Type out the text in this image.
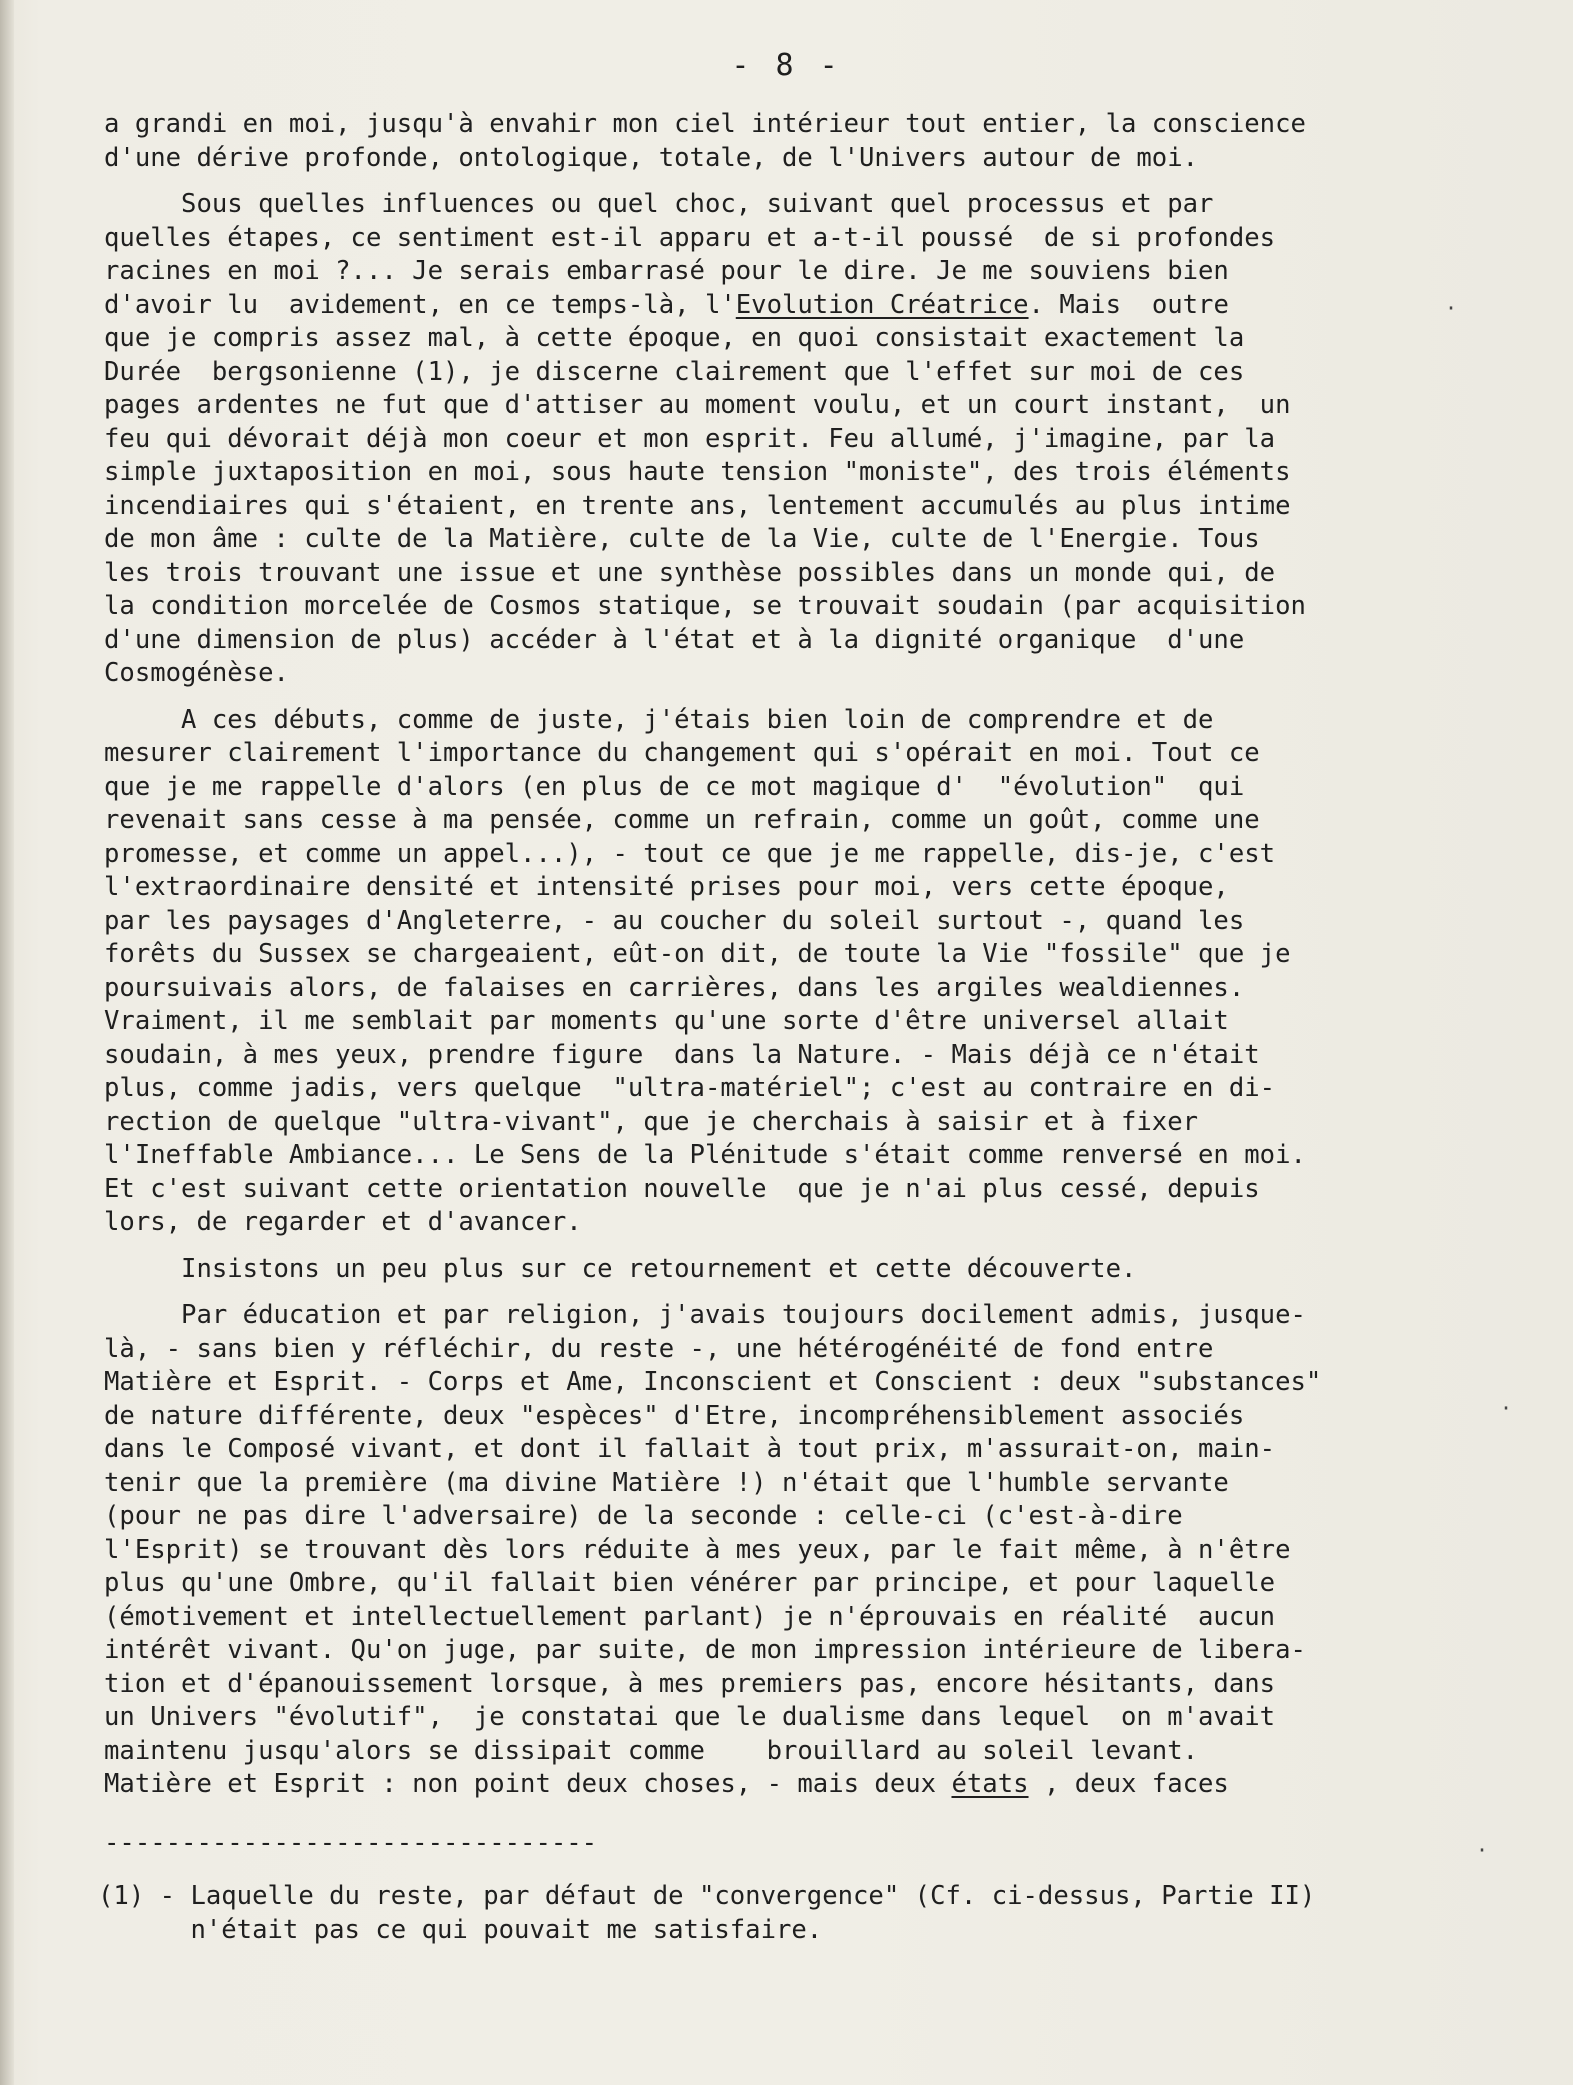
- 8 -
a grandi en moi, jusqu'à envahir mon ciel intérieur tout entier, la conscience
d'une dérive profonde, ontologique, totale, de l'Univers autour de moi.
Sous quelles influences ou quel choc, suivant quel processus et par
quelles étapes, ce sentiment est-il apparu et a-t-il poussé  de si profondes
racines en moi ?... Je serais embarrasé pour le dire. Je me souviens bien
d'avoir lu  avidement, en ce temps-là, l'Evolution Créatrice. Mais  outre
que je compris assez mal, à cette époque, en quoi consistait exactement la
Durée  bergsonienne (1), je discerne clairement que l'effet sur moi de ces
pages ardentes ne fut que d'attiser au moment voulu, et un court instant,  un
feu qui dévorait déjà mon coeur et mon esprit. Feu allumé, j'imagine, par la
simple juxtaposition en moi, sous haute tension "moniste", des trois éléments
incendiaires qui s'étaient, en trente ans, lentement accumulés au plus intime
de mon âme : culte de la Matière, culte de la Vie, culte de l'Energie. Tous
les trois trouvant une issue et une synthèse possibles dans un monde qui, de
la condition morcelée de Cosmos statique, se trouvait soudain (par acquisition
d'une dimension de plus) accéder à l'état et à la dignité organique  d'une
Cosmogénèse.
A ces débuts, comme de juste, j'étais bien loin de comprendre et de
mesurer clairement l'importance du changement qui s'opérait en moi. Tout ce
que je me rappelle d'alors (en plus de ce mot magique d'  "évolution"  qui
revenait sans cesse à ma pensée, comme un refrain, comme un goût, comme une
promesse, et comme un appel...), - tout ce que je me rappelle, dis-je, c'est
l'extraordinaire densité et intensité prises pour moi, vers cette époque,
par les paysages d'Angleterre, - au coucher du soleil surtout -, quand les
forêts du Sussex se chargeaient, eût-on dit, de toute la Vie "fossile" que je
poursuivais alors, de falaises en carrières, dans les argiles wealdiennes.
Vraiment, il me semblait par moments qu'une sorte d'être universel allait
soudain, à mes yeux, prendre figure  dans la Nature. - Mais déjà ce n'était
plus, comme jadis, vers quelque  "ultra-matériel"; c'est au contraire en di-
rection de quelque "ultra-vivant", que je cherchais à saisir et à fixer
l'Ineffable Ambiance... Le Sens de la Plénitude s'était comme renversé en moi.
Et c'est suivant cette orientation nouvelle  que je n'ai plus cessé, depuis
lors, de regarder et d'avancer.
Insistons un peu plus sur ce retournement et cette découverte.
Par éducation et par religion, j'avais toujours docilement admis, jusque-
là, - sans bien y réfléchir, du reste -, une hétérogénéité de fond entre
Matière et Esprit. - Corps et Ame, Inconscient et Conscient : deux "substances"
de nature différente, deux "espèces" d'Etre, incompréhensiblement associés
dans le Composé vivant, et dont il fallait à tout prix, m'assurait-on, main-
tenir que la première (ma divine Matière !) n'était que l'humble servante
(pour ne pas dire l'adversaire) de la seconde : celle-ci (c'est-à-dire
l'Esprit) se trouvant dès lors réduite à mes yeux, par le fait même, à n'être
plus qu'une Ombre, qu'il fallait bien vénérer par principe, et pour laquelle
(émotivement et intellectuellement parlant) je n'éprouvais en réalité  aucun
intérêt vivant. Qu'on juge, par suite, de mon impression intérieure de libera-
tion et d'épanouissement lorsque, à mes premiers pas, encore hésitants, dans
un Univers "évolutif",  je constatai que le dualisme dans lequel  on m'avait
maintenu jusqu'alors se dissipait comme    brouillard au soleil levant.
Matière et Esprit : non point deux choses, - mais deux états , deux faces
--------------------------------
(1) - Laquelle du reste, par défaut de "convergence" (Cf. ci-dessus, Partie II)
n'était pas ce qui pouvait me satisfaire.
·
·
·
